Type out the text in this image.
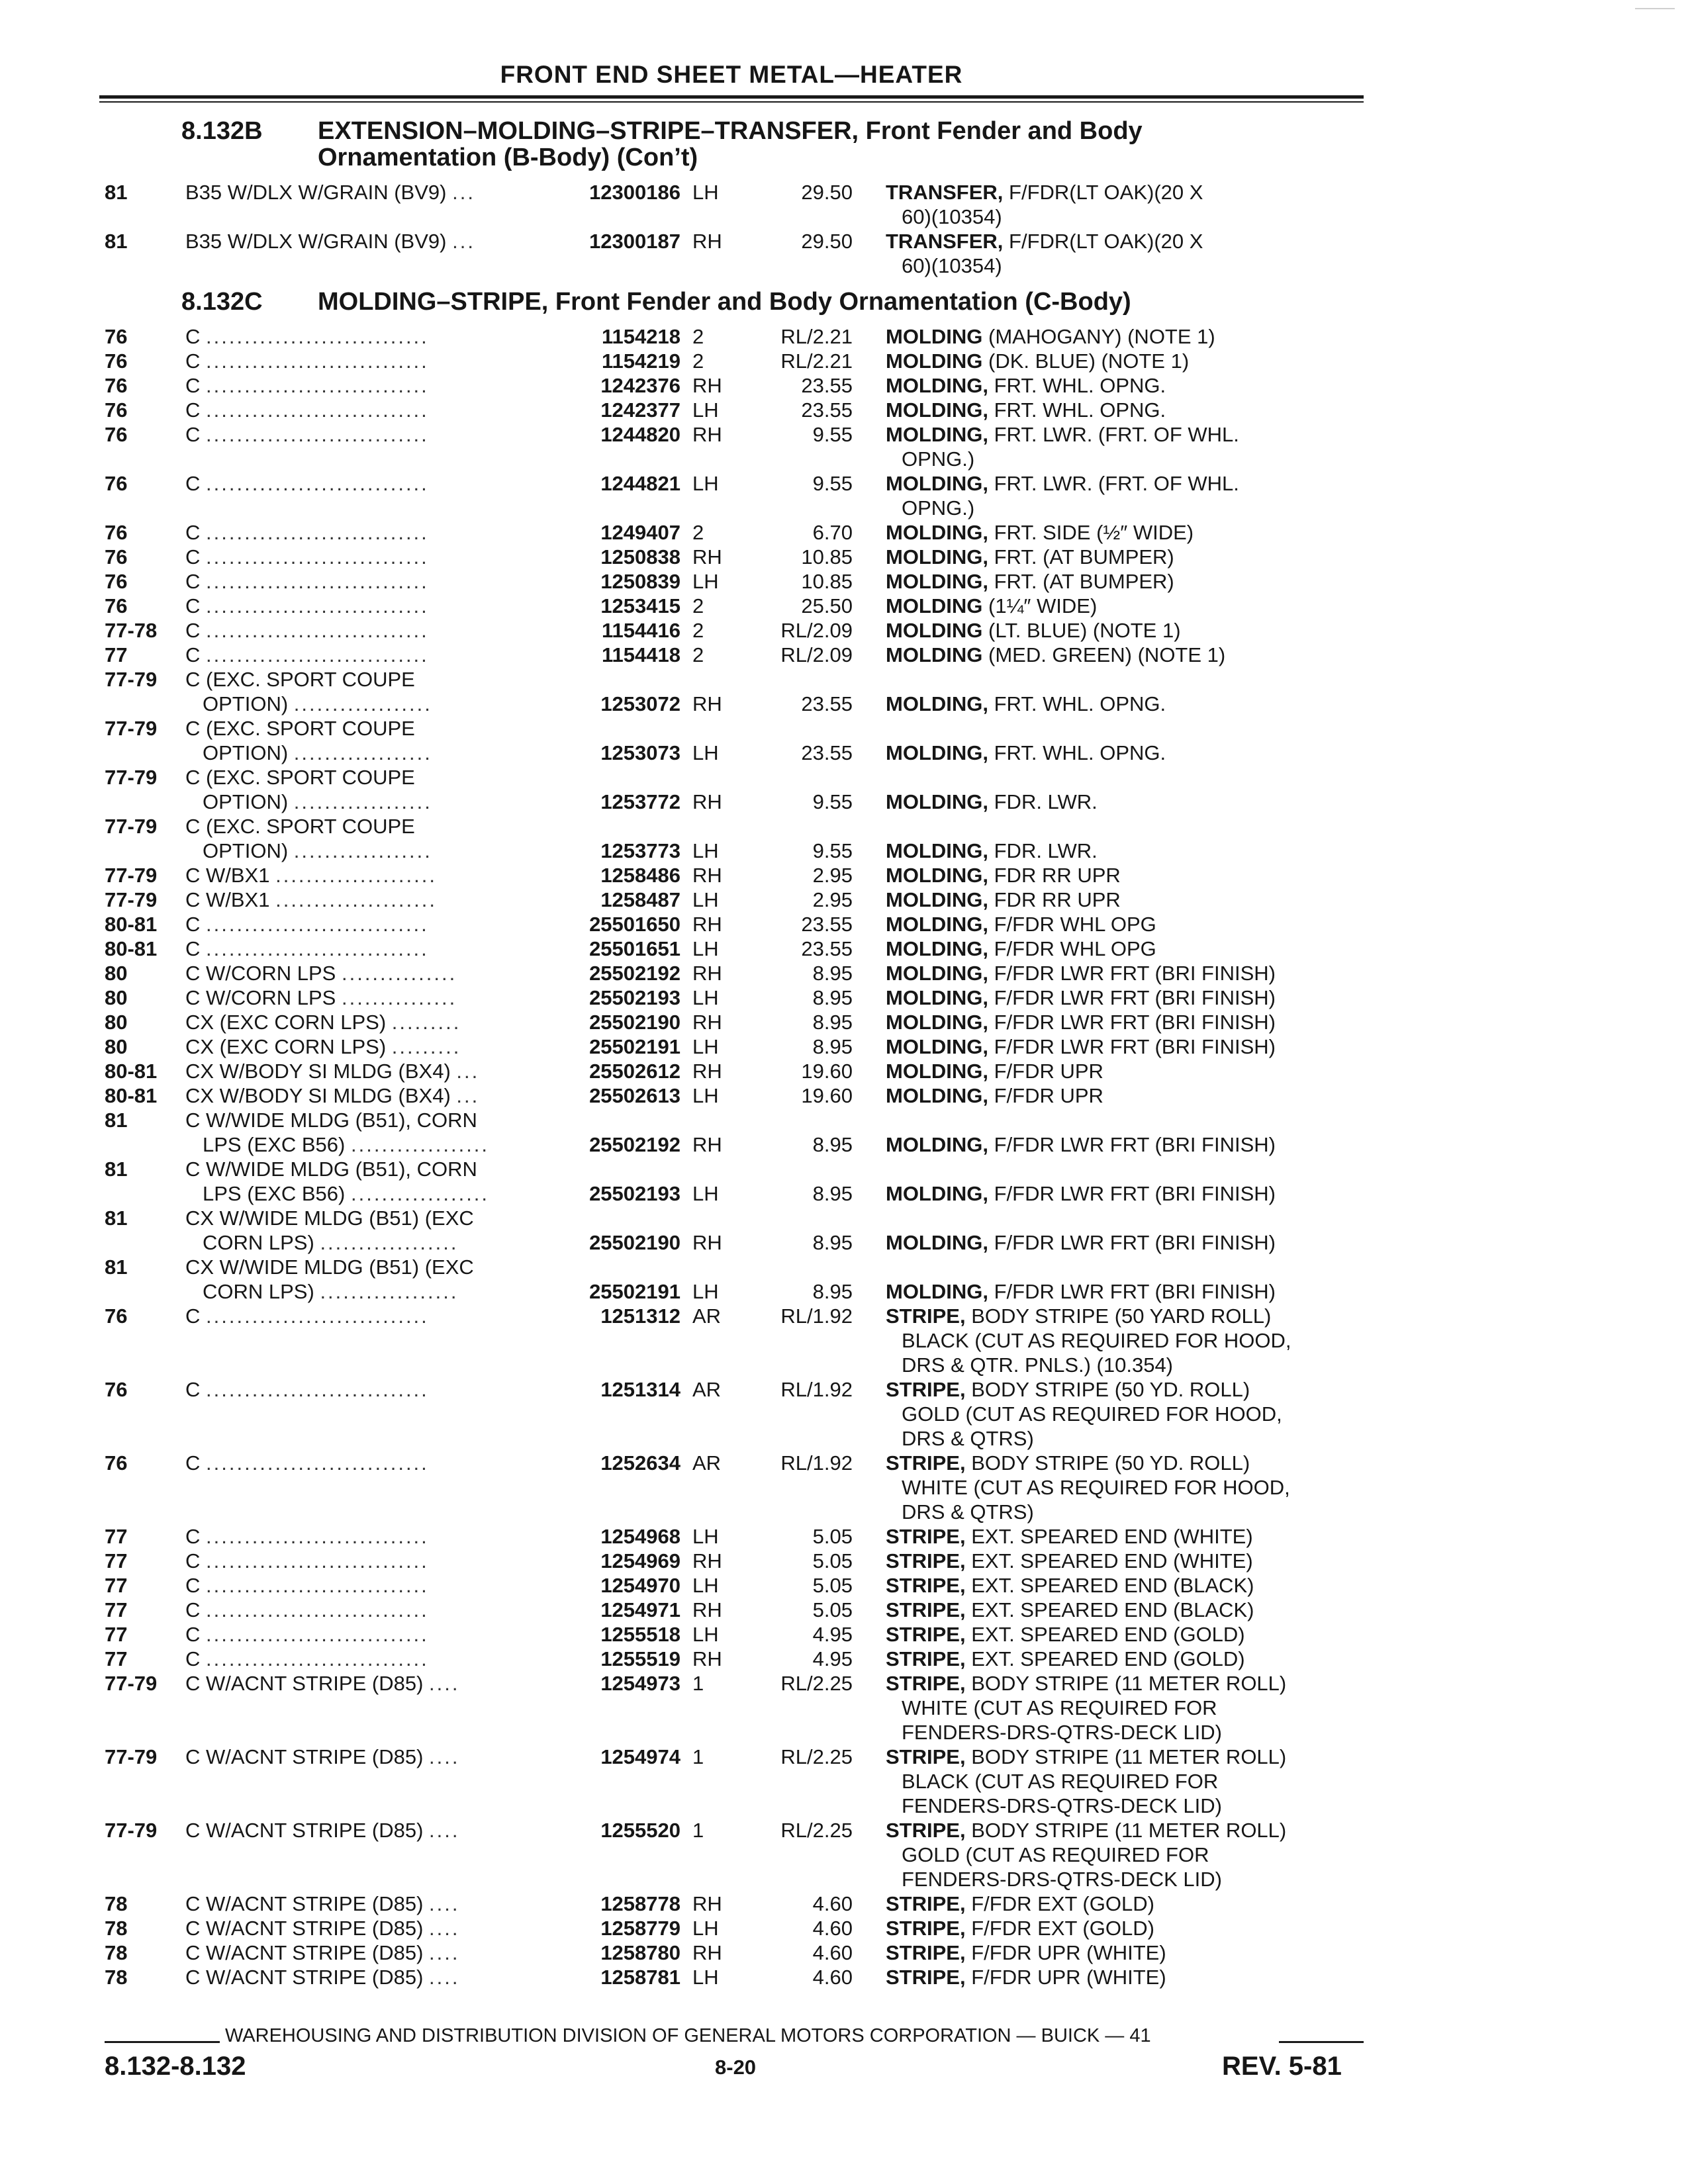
FRONT END SHEET METAL—HEATER
8.132B EXTENSION–MOLDING–STRIPE–TRANSFER, Front Fender and Body
Ornamentation (B-Body) (Con’t)
8.132C MOLDING–STRIPE, Front Fender and Body Ornamentation (C-Body)
81	B35 W/DLX W/GRAIN (BV9) ...	12300186 LH	29.50 TRANSFER, F/FDR(LT OAK)(20 X
60)(10354)
81	B35 W/DLX W/GRAIN (BV9) ...	12300187 RH	29.50 TRANSFER, F/FDR(LT OAK)(20 X
60)(10354)
76	C .............................	1154218 2	RL/2.21 MOLDING (MAHOGANY) (NOTE 1)
76	C .............................	1154219 2	RL/2.21 MOLDING (DK. BLUE) (NOTE 1)
76	C .............................	1242376 RH	23.55 MOLDING, FRT. WHL. OPNG.
76	C .............................	1242377 LH	23.55 MOLDING, FRT. WHL. OPNG.
76	C .............................	1244820 RH	9.55 MOLDING, FRT. LWR. (FRT. OF WHL.
OPNG.)
76	C .............................	1244821 LH	9.55 MOLDING, FRT. LWR. (FRT. OF WHL.
OPNG.)
76	C .............................	1249407 2	6.70 MOLDING, FRT. SIDE (½″ WIDE)
76	C .............................	1250838 RH	10.85 MOLDING, FRT. (AT BUMPER)
76	C .............................	1250839 LH	10.85 MOLDING, FRT. (AT BUMPER)
76	C .............................	1253415 2	25.50 MOLDING (1¼″ WIDE)
77-78 C .............................	1154416 2	RL/2.09 MOLDING (LT. BLUE) (NOTE 1)
77	C .............................	1154418 2	RL/2.09 MOLDING (MED. GREEN) (NOTE 1)
77-79 C (EXC. SPORT COUPE
OPTION) ..................	1253072 RH	23.55 MOLDING, FRT. WHL. OPNG.
77-79 C (EXC. SPORT COUPE
OPTION) ..................	1253073 LH	23.55 MOLDING, FRT. WHL. OPNG.
77-79 C (EXC. SPORT COUPE
OPTION) ..................	1253772 RH	9.55 MOLDING, FDR. LWR.
77-79 C (EXC. SPORT COUPE
OPTION) ..................	1253773 LH	9.55 MOLDING, FDR. LWR.
77-79 C W/BX1 .....................	1258486 RH	2.95 MOLDING, FDR RR UPR
77-79 C W/BX1 .....................	1258487 LH	2.95 MOLDING, FDR RR UPR
80-81 C .............................	25501650 RH	23.55 MOLDING, F/FDR WHL OPG
80-81 C .............................	25501651 LH	23.55 MOLDING, F/FDR WHL OPG
80	C W/CORN LPS ...............	25502192 RH	8.95 MOLDING, F/FDR LWR FRT (BRI FINISH)
80	C W/CORN LPS ...............	25502193 LH	8.95 MOLDING, F/FDR LWR FRT (BRI FINISH)
80	CX (EXC CORN LPS) .........	25502190 RH	8.95 MOLDING, F/FDR LWR FRT (BRI FINISH)
80	CX (EXC CORN LPS) .........	25502191 LH	8.95 MOLDING, F/FDR LWR FRT (BRI FINISH)
80-81 CX W/BODY SI MLDG (BX4) ...	25502612 RH	19.60 MOLDING, F/FDR UPR
80-81 CX W/BODY SI MLDG (BX4) ...	25502613 LH	19.60 MOLDING, F/FDR UPR
81	C W/WIDE MLDG (B51), CORN
LPS (EXC B56) ..................	25502192 RH	8.95 MOLDING, F/FDR LWR FRT (BRI FINISH)
81	C W/WIDE MLDG (B51), CORN
LPS (EXC B56) ..................	25502193 LH	8.95 MOLDING, F/FDR LWR FRT (BRI FINISH)
81	CX W/WIDE MLDG (B51) (EXC
CORN LPS) ..................	25502190 RH	8.95 MOLDING, F/FDR LWR FRT (BRI FINISH)
81	CX W/WIDE MLDG (B51) (EXC
CORN LPS) ..................	25502191 LH	8.95 MOLDING, F/FDR LWR FRT (BRI FINISH)
76	C .............................	1251312 AR	RL/1.92 STRIPE, BODY STRIPE (50 YARD ROLL)
BLACK (CUT AS REQUIRED FOR HOOD,
DRS & QTR. PNLS.) (10.354)
76	C .............................	1251314 AR	RL/1.92 STRIPE, BODY STRIPE (50 YD. ROLL)
GOLD (CUT AS REQUIRED FOR HOOD,
DRS & QTRS)
76	C .............................	1252634 AR	RL/1.92 STRIPE, BODY STRIPE (50 YD. ROLL)
WHITE (CUT AS REQUIRED FOR HOOD,
DRS & QTRS)
77	C .............................	1254968 LH	5.05 STRIPE, EXT. SPEARED END (WHITE)
77	C .............................	1254969 RH	5.05 STRIPE, EXT. SPEARED END (WHITE)
77	C .............................	1254970 LH	5.05 STRIPE, EXT. SPEARED END (BLACK)
77	C .............................	1254971 RH	5.05 STRIPE, EXT. SPEARED END (BLACK)
77	C .............................	1255518 LH	4.95 STRIPE, EXT. SPEARED END (GOLD)
77	C .............................	1255519 RH	4.95 STRIPE, EXT. SPEARED END (GOLD)
77-79 C W/ACNT STRIPE (D85) ....	1254973 1	RL/2.25 STRIPE, BODY STRIPE (11 METER ROLL)
WHITE (CUT AS REQUIRED FOR
FENDERS-DRS-QTRS-DECK LID)
77-79 C W/ACNT STRIPE (D85) ....	1254974 1	RL/2.25 STRIPE, BODY STRIPE (11 METER ROLL)
BLACK (CUT AS REQUIRED FOR
FENDERS-DRS-QTRS-DECK LID)
77-79 C W/ACNT STRIPE (D85) ....	1255520 1	RL/2.25 STRIPE, BODY STRIPE (11 METER ROLL)
GOLD (CUT AS REQUIRED FOR
FENDERS-DRS-QTRS-DECK LID)
78	C W/ACNT STRIPE (D85) ....	1258778 RH	4.60 STRIPE, F/FDR EXT (GOLD)
78	C W/ACNT STRIPE (D85) ....	1258779 LH	4.60 STRIPE, F/FDR EXT (GOLD)
78	C W/ACNT STRIPE (D85) ....	1258780 RH	4.60 STRIPE, F/FDR UPR (WHITE)
78	C W/ACNT STRIPE (D85) ....	1258781 LH	4.60 STRIPE, F/FDR UPR (WHITE)
WAREHOUSING AND DISTRIBUTION DIVISION OF GENERAL MOTORS CORPORATION — BUICK — 41
8.132-8.132	8-20	REV. 5-81
